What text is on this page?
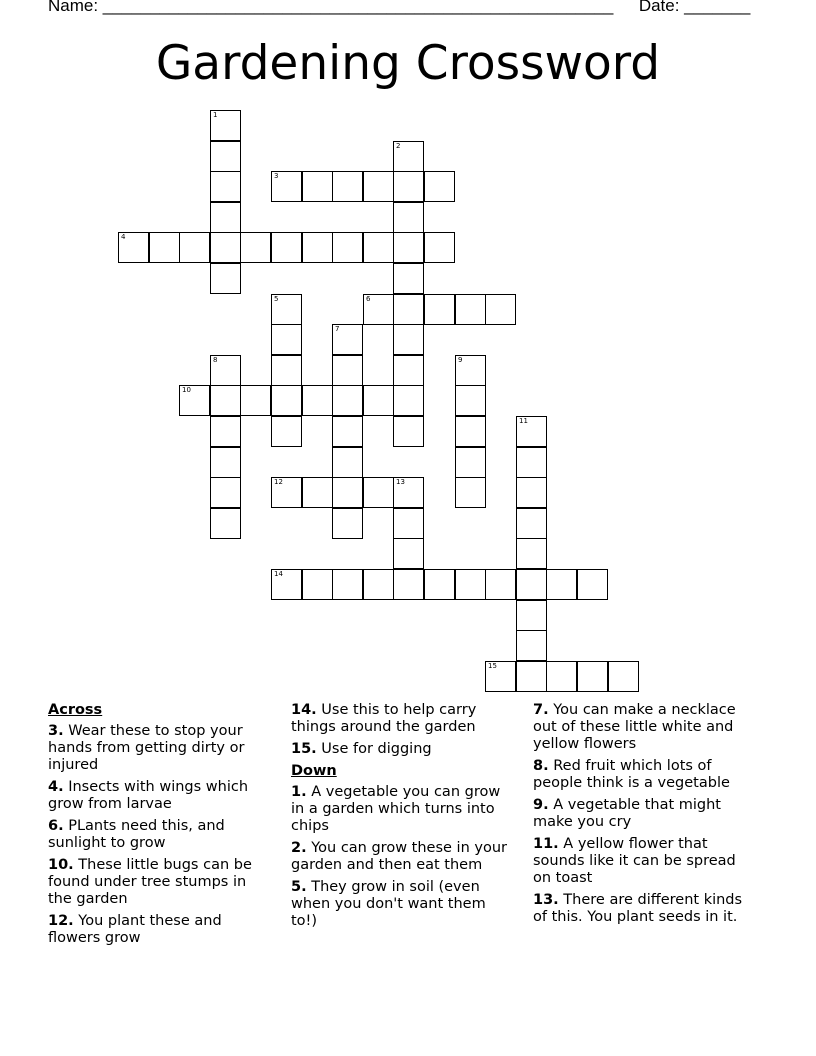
Name: ______________________________________________________ Date: _______
Gardening Crossword
1
2
3
4
5	6
7
8	9
10
11
12	13
14
15
Across
3. Wear these to stop your hands from getting dirty or injured
4. Insects with wings which grow from larvae
6. PLants need this, and sunlight to grow
10. These little bugs can be found under tree stumps in the garden
12. You plant these and flowers grow
14. Use this to help carry things around the garden
15. Use for digging
Down
1. A vegetable you can grow in a garden which turns into chips
2. You can grow these in your garden and then eat them
5. They grow in soil (even when you don't want them to!)
7. You can make a necklace out of these little white and yellow flowers
8. Red fruit which lots of people think is a vegetable
9. A vegetable that might make you cry
11. A yellow flower that sounds like it can be spread on toast
13. There are different kinds of this. You plant seeds in it.
